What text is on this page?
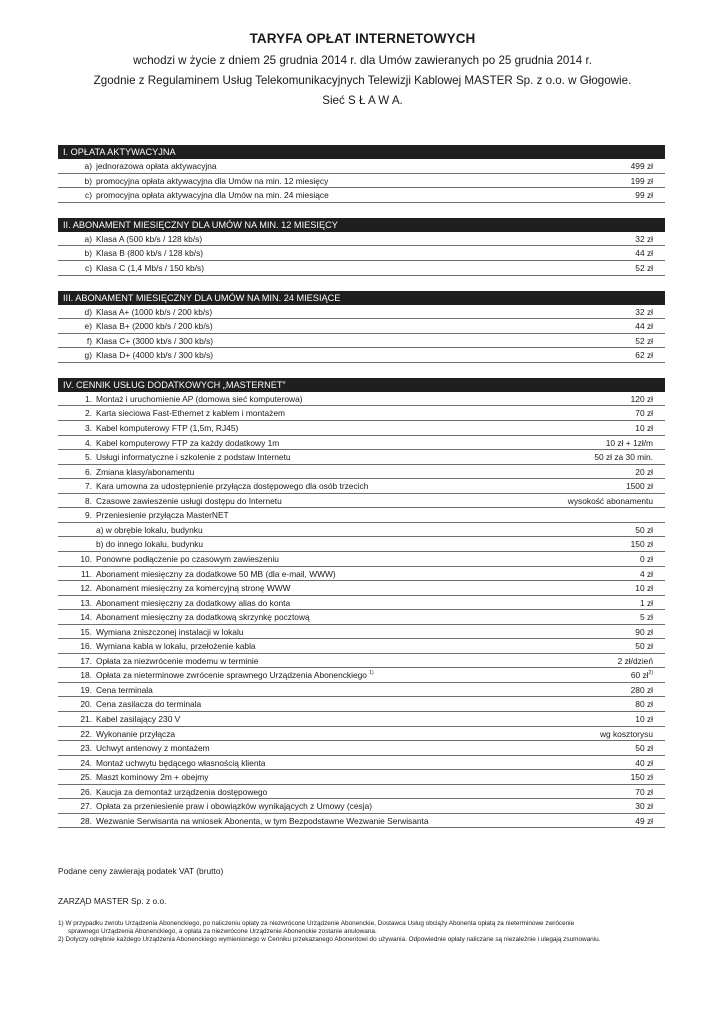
TARYFA OPŁAT INTERNETOWYCH
wchodzi w życie z dniem 25 grudnia 2014 r. dla Umów zawieranych po 25 grudnia 2014 r.
Zgodnie z Regulaminem Usług Telekomunikacyjnych Telewizji Kablowej MASTER Sp. z o.o. w Głogowie.
Sieć S Ł A W A.
I. OPŁATA AKTYWACYJNA
a) jednorazowa opłata aktywacyjna	499 zł
b) promocyjna opłata aktywacyjna dla Umów na min. 12 miesięcy	199 zł
c) promocyjna opłata aktywacyjna dla Umów na min. 24 miesiące	99 zł
II. ABONAMENT MIESIĘCZNY DLA UMÓW NA MIN. 12 MIESIĘCY
a) Klasa A (500 kb/s / 128 kb/s)	32 zł
b) Klasa B (800 kb/s / 128 kb/s)	44 zł
c) Klasa C (1,4 Mb/s / 150 kb/s)	52 zł
III. ABONAMENT MIESIĘCZNY DLA UMÓW NA MIN. 24 MIESIĄCE
d) Klasa A+ (1000 kb/s / 200 kb/s)	32 zł
e) Klasa B+ (2000 kb/s / 200 kb/s)	44 zł
f) Klasa C+ (3000 kb/s / 300 kb/s)	52 zł
g) Klasa D+ (4000 kb/s / 300 kb/s)	62 zł
IV. CENNIK USŁUG DODATKOWYCH „MASTERNET”
1. Montaż i uruchomienie AP (domowa sieć komputerowa)	120 zł
2. Karta sieciowa Fast-Ethernet z kablem i montażem	70 zł
3. Kabel komputerowy FTP (1,5m, RJ45)	10 zł
4. Kabel komputerowy FTP za każdy dodatkowy 1m	10 zł + 1zł/m
5. Usługi informatyczne i szkolenie z podstaw Internetu	50 zł za 30 min.
6. Zmiana klasy/abonamentu	20 zł
7. Kara umowna za udostępnienie przyłącza dostępowego dla osób trzecich	1500 zł
8. Czasowe zawieszenie usługi dostępu do Internetu	wysokość abonamentu
9. Przeniesienie przyłącza MasterNET
a) w obrębie lokalu, budynku	50 zł
b) do innego lokalu, budynku	150 zł
10. Ponowne podłączenie po czasowym zawieszeniu	0 zł
11. Abonament miesięczny za dodatkowe 50 MB (dla e-mail, WWW)	4 zł
12. Abonament miesięczny za komercyjną stronę WWW	10 zł
13. Abonament miesięczny za dodatkowy alias do konta	1 zł
14. Abonament miesięczny za dodatkową skrzynkę pocztową	5 zł
15. Wymiana zniszczonej instalacji w lokalu	90 zł
16. Wymiana kabla w lokalu, przełożenie kabla	50 zł
17. Opłata za niezwrócenie modemu w terminie	2 zł/dzień
18. Opłata za nieterminowe zwrócenie sprawnego Urządzenia Abonenckiego $^{1)}$	60 $zł^{2)}$
19. Cena terminala	280 zł
20. Cena zasilacza do terminala	80 zł
21. Kabel zasilający 230 V	10 zł
22. Wykonanie przyłącza	wg kosztorysu
23. Uchwyt antenowy z montażem	50 zł
24. Montaż uchwytu będącego własnością klienta	40 zł
25. Maszt kominowy 2m + obejmy	150 zł
26. Kaucja za demontaż urządzenia dostępowego	70 zł
27. Opłata za przeniesienie praw i obowiązków wynikających z Umowy (cesja)	30 zł
28. Wezwanie Serwisanta na wniosek Abonenta, w tym Bezpodstawne Wezwanie Serwisanta	49 zł
Podane ceny zawierają podatek VAT (brutto)
ZARZĄD MASTER Sp. z o.o.

1) W przypadku zwrotu Urządzenia Abonenckiego, po naliczeniu opłaty za niezwrócone Urządzenie Abonenckie, Dostawca Usług obciąży Abonenta opłatą za nieterminowe zwrócenie

sprawnego Urządzenia Abonenckiego, a opłata za niezwrócone Urządzenie Abonenckie zostanie anulowana.

2) Dotyczy odrębnie każdego Urządzenia Abonenckiego wymienionego w Cenniku przekazanego Abonentowi do używania. Odpowiednie opłaty naliczane są niezależnie i ulegają zsumowaniu.
